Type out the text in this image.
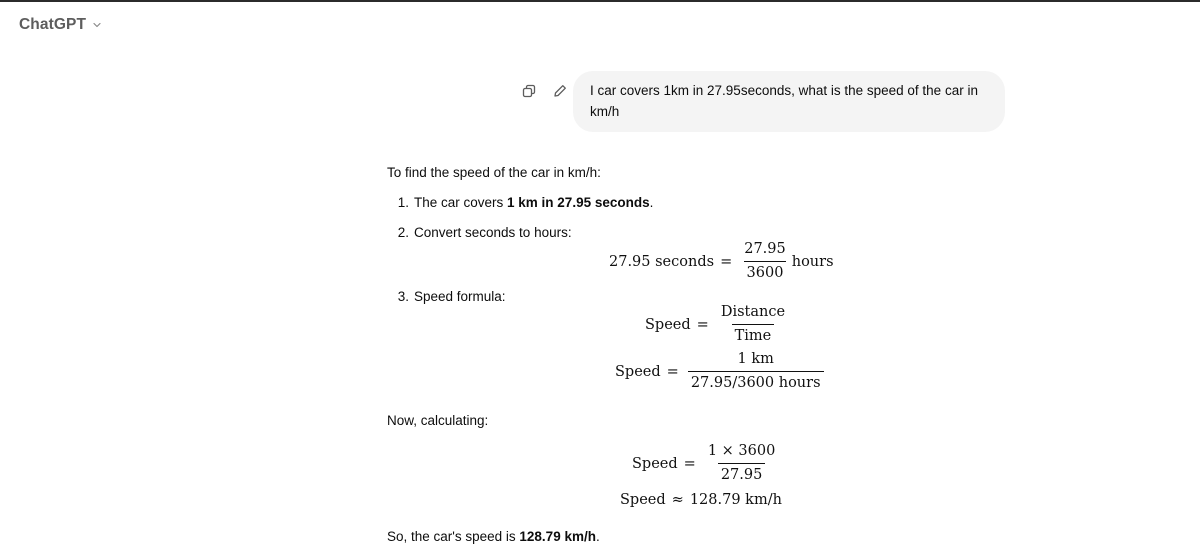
ChatGPT
I car covers 1km in 27.95seconds, what is the speed of the car in km/h
To find the speed of the car in km/h:
1. The car covers 1 km in 27.95 seconds.
2. Convert seconds to hours:
3. Speed formula:
Now, calculating:
So, the car's speed is 128.79 km/h.
27.95 seconds = $\frac{27.95}{3600}$ hours
Speed = $\frac{\text{Distance}}{\text{Time}}$
Speed = $\frac{1 km}{\text{27.95/3600 hours}}$
Speed = $\frac{1 \times 3600}{27.95}$
Speed ≈ 128.79 km/h
